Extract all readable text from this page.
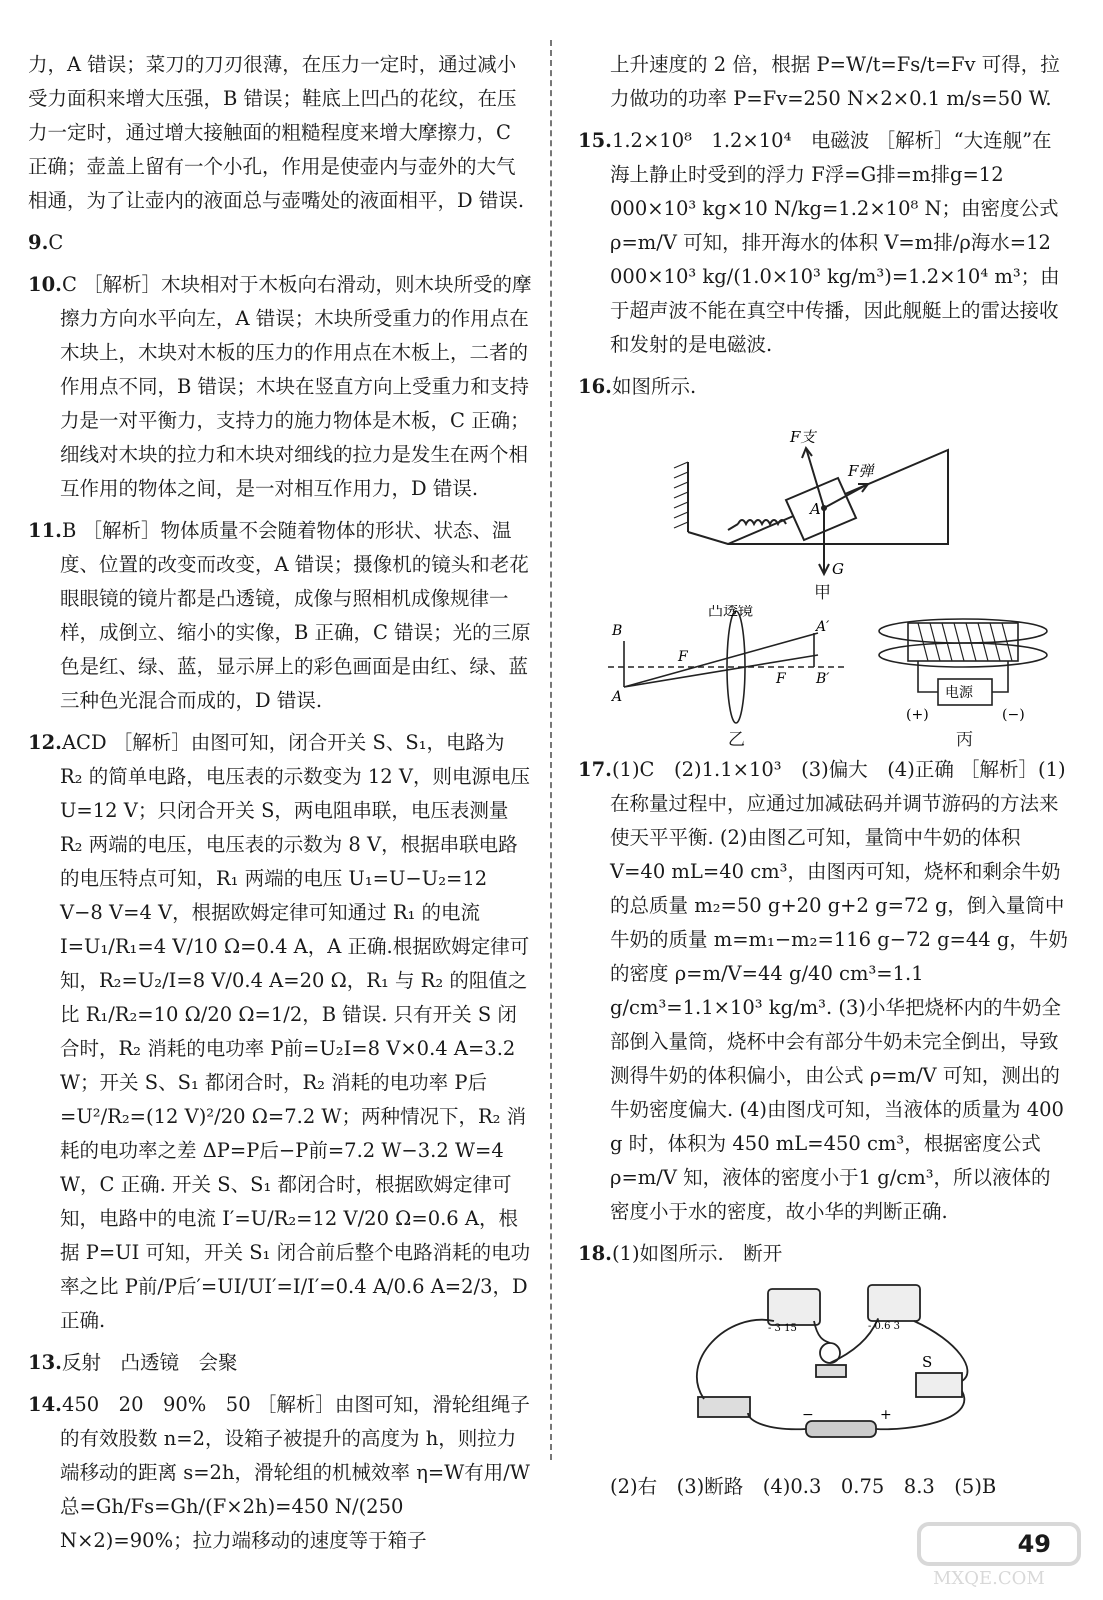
力，A 错误；菜刀的刀刃很薄，在压力一定时，通过减小受力面积来增大压强，B 错误；鞋底上凹凸的花纹，在压力一定时，通过增大接触面的粗糙程度来增大摩擦力，C 正确；壶盖上留有一个小孔，作用是使壶内与壶外的大气相通，为了让壶内的液面总与壶嘴处的液面相平，D 错误.

9.C

10.C ［解析］木块相对于木板向右滑动，则木块所受的摩擦力方向水平向左，A 错误；木块所受重力的作用点在木块上，木块对木板的压力的作用点在木板上，二者的作用点不同，B 错误；木块在竖直方向上受重力和支持力是一对平衡力，支持力的施力物体是木板，C 正确；细线对木块的拉力和木块对细线的拉力是发生在两个相互作用的物体之间，是一对相互作用力，D 错误.

11.B ［解析］物体质量不会随着物体的形状、状态、温度、位置的改变而改变，A 错误；摄像机的镜头和老花眼眼镜的镜片都是凸透镜，成像与照相机成像规律一样，成倒立、缩小的实像，B 正确，C 错误；光的三原色是红、绿、蓝，显示屏上的彩色画面是由红、绿、蓝三种色光混合而成的，D 错误.

12.ACD ［解析］由图可知，闭合开关 S、S₁，电路为 R₂ 的简单电路，电压表的示数变为 12 V，则电源电压 U=12 V；只闭合开关 S，两电阻串联，电压表测量 R₂ 两端的电压，电压表的示数为 8 V，根据串联电路的电压特点可知，R₁ 两端的电压 U₁=U−U₂=12 V−8 V=4 V，根据欧姆定律可知通过 R₁ 的电流 I=U₁/R₁=4 V/10 Ω=0.4 A，A 正确.根据欧姆定律可知，R₂=U₂/I=8 V/0.4 A=20 Ω，R₁ 与 R₂ 的阻值之比 R₁/R₂=10 Ω/20 Ω=1/2，B 错误. 只有开关 S 闭合时，R₂ 消耗的电功率 P前=U₂I=8 V×0.4 A=3.2 W；开关 S、S₁ 都闭合时，R₂ 消耗的电功率 P后=U²/R₂=(12 V)²/20 Ω=7.2 W；两种情况下，R₂ 消耗的电功率之差 ΔP=P后−P前=7.2 W−3.2 W=4 W，C 正确. 开关 S、S₁ 都闭合时，根据欧姆定律可知，电路中的电流 I′=U/R₂=12 V/20 Ω=0.6 A，根据 P=UI 可知，开关 S₁ 闭合前后整个电路消耗的电功率之比 P前/P后′=UI/UI′=I/I′=0.4 A/0.6 A=2/3，D 正确.

13.反射　凸透镜　会聚

14.450　20　90%　50 ［解析］由图可知，滑轮组绳子的有效股数 n=2，设箱子被提升的高度为 h，则拉力端移动的距离 s=2h，滑轮组的机械效率 η=W有用/W总=Gh/Fs=Gh/(F×2h)=450 N/(250 N×2)=90%；拉力端移动的速度等于箱子

上升速度的 2 倍，根据 P=W/t=Fs/t=Fv 可得，拉力做功的功率 P=Fv=250 N×2×0.1 m/s=50 W.

15.1.2×10⁸　1.2×10⁴　电磁波 ［解析］“大连舰”在海上静止时受到的浮力 F浮=G排=m排g=12 000×10³ kg×10 N/kg=1.2×10⁸ N；由密度公式 ρ=m/V 可知，排开海水的体积 V=m排/ρ海水=12 000×10³ kg/(1.0×10³ kg/m³)=1.2×10⁴ m³；由于超声波不能在真空中传播，因此舰艇上的雷达接收和发射的是电磁波.

16.如图所示.

F支
F弹
A
G
甲
B
A
F
F
A′
B′
凸透镜
电源
(+)	(−)
乙	丙

17.(1)C　(2)1.1×10³　(3)偏大　(4)正确 ［解析］(1)在称量过程中，应通过加减砝码并调节游码的方法来使天平平衡. (2)由图乙可知，量筒中牛奶的体积 V=40 mL=40 cm³，由图丙可知，烧杯和剩余牛奶的总质量 m₂=50 g+20 g+2 g=72 g，倒入量筒中牛奶的质量 m=m₁−m₂=116 g−72 g=44 g，牛奶的密度 ρ=m/V=44 g/40 cm³=1.1 g/cm³=1.1×10³ kg/m³. (3)小华把烧杯内的牛奶全部倒入量筒，烧杯中会有部分牛奶未完全倒出，导致测得牛奶的体积偏小，由公式 ρ=m/V 可知，测出的牛奶密度偏大. (4)由图戊可知，当液体的质量为 400 g 时，体积为 450 mL=450 cm³，根据密度公式 ρ=m/V 知，液体的密度小于1 g/cm³，所以液体的密度小于水的密度，故小华的判断正确.

18.(1)如图所示.　断开

- 3 15	- 0.6 3
S
+
−

(2)右　(3)断路　(4)0.3　0.75　8.3　(5)B

MXQE.COM
49
